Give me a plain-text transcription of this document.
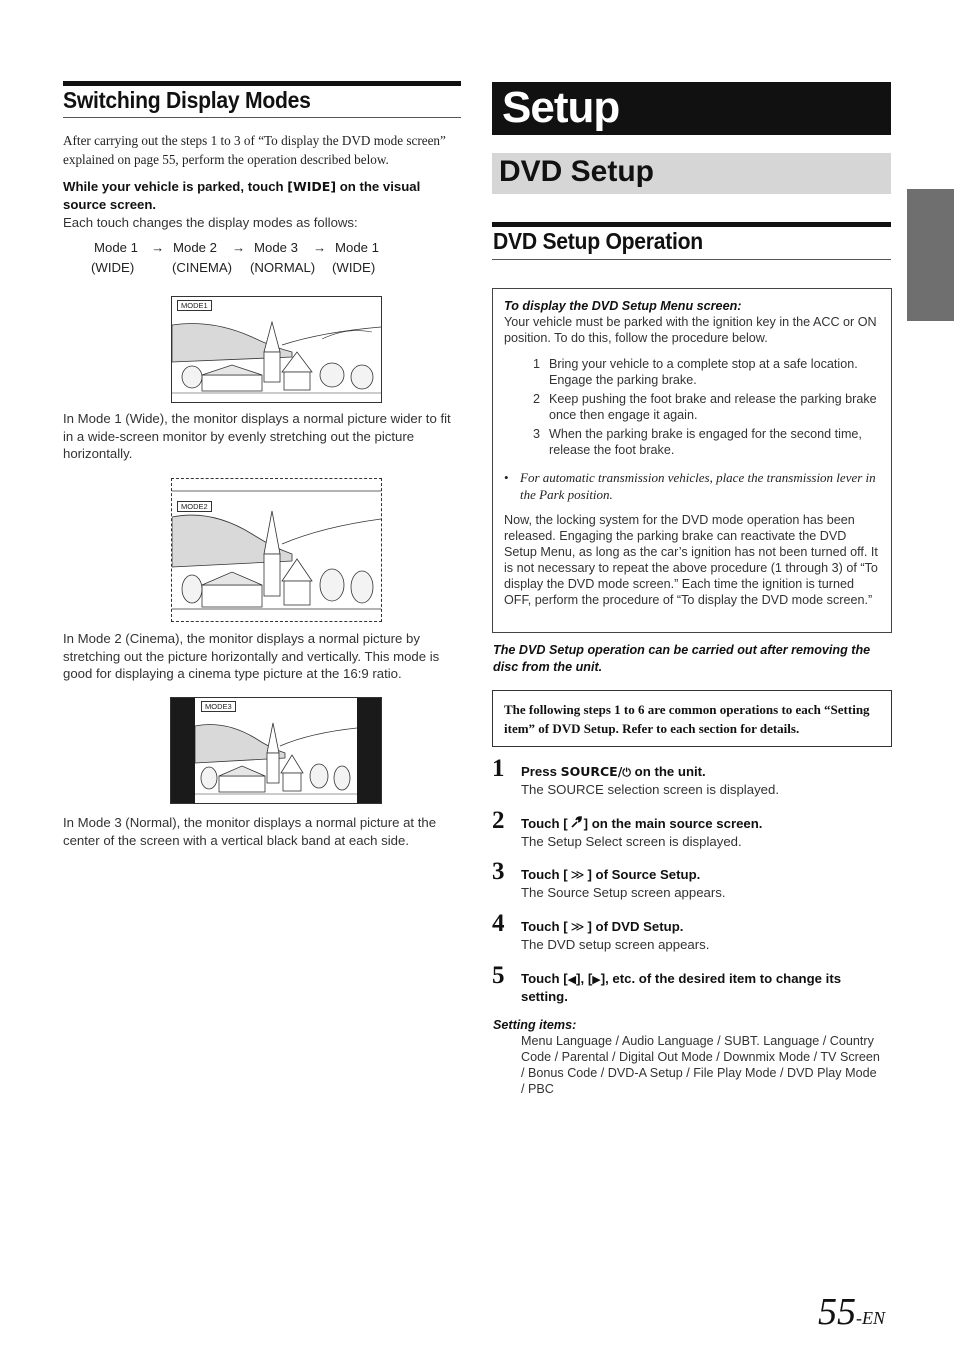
Switching Display Modes
After carrying out the steps 1 to 3 of “To display the DVD mode screen” explained on page 55, perform the operation described below.
While your vehicle is parked, touch [WIDE] on the visual source screen.
Each touch changes the display modes as follows:
Mode 1 → Mode 2 → Mode 3 → Mode 1
(WIDE)	(CINEMA) (NORMAL) (WIDE)
MODE1
In Mode 1 (Wide), the monitor displays a normal picture wider to fit in a wide-screen monitor by evenly stretching out the picture horizontally.
MODE2
In Mode 2 (Cinema), the monitor displays a normal picture by stretching out the picture horizontally and vertically. This mode is good for displaying a cinema type picture at the 16:9 ratio.
MODE3
In Mode 3 (Normal), the monitor displays a normal picture at the center of the screen with a vertical black band at each side.
Setup
DVD Setup
DVD Setup Operation
To display the DVD Setup Menu screen:
Your vehicle must be parked with the ignition key in the ACC or ON position. To do this, follow the procedure below.
1 Bring your vehicle to a complete stop at a safe location. Engage the parking brake.
2 Keep pushing the foot brake and release the parking brake once then engage it again.
3 When the parking brake is engaged for the second time, release the foot brake.
• For automatic transmission vehicles, place the transmission lever in the Park position.
Now, the locking system for the DVD mode operation has been released. Engaging the parking brake can reactivate the DVD Setup Menu, as long as the car’s ignition has not been turned off. It is not necessary to repeat the above procedure (1 through 3) of “To display the DVD mode screen.” Each time the ignition is turned OFF, perform the procedure of “To display the DVD mode screen.”
The DVD Setup operation can be carried out after removing the disc from the unit.
The following steps 1 to 6 are common operations to each “Setting item” of DVD Setup. Refer to each section for details.
1 Press SOURCE/⏻ on the unit.
The SOURCE selection screen is displayed.
2 Touch [ ] on the main source screen.
The Setup Select screen is displayed.
3 Touch [ ≫ ] of Source Setup.
The Source Setup screen appears.
4 Touch [ ≫ ] of DVD Setup.
The DVD setup screen appears.
5 Touch [◀], [▶], etc. of the desired item to change its
setting.
Setting items:
Menu Language / Audio Language / SUBT. Language / Country Code / Parental / Digital Out Mode / Downmix Mode / TV Screen / Bonus Code / DVD-A Setup / File Play Mode / DVD Play Mode / PBC
55-EN
